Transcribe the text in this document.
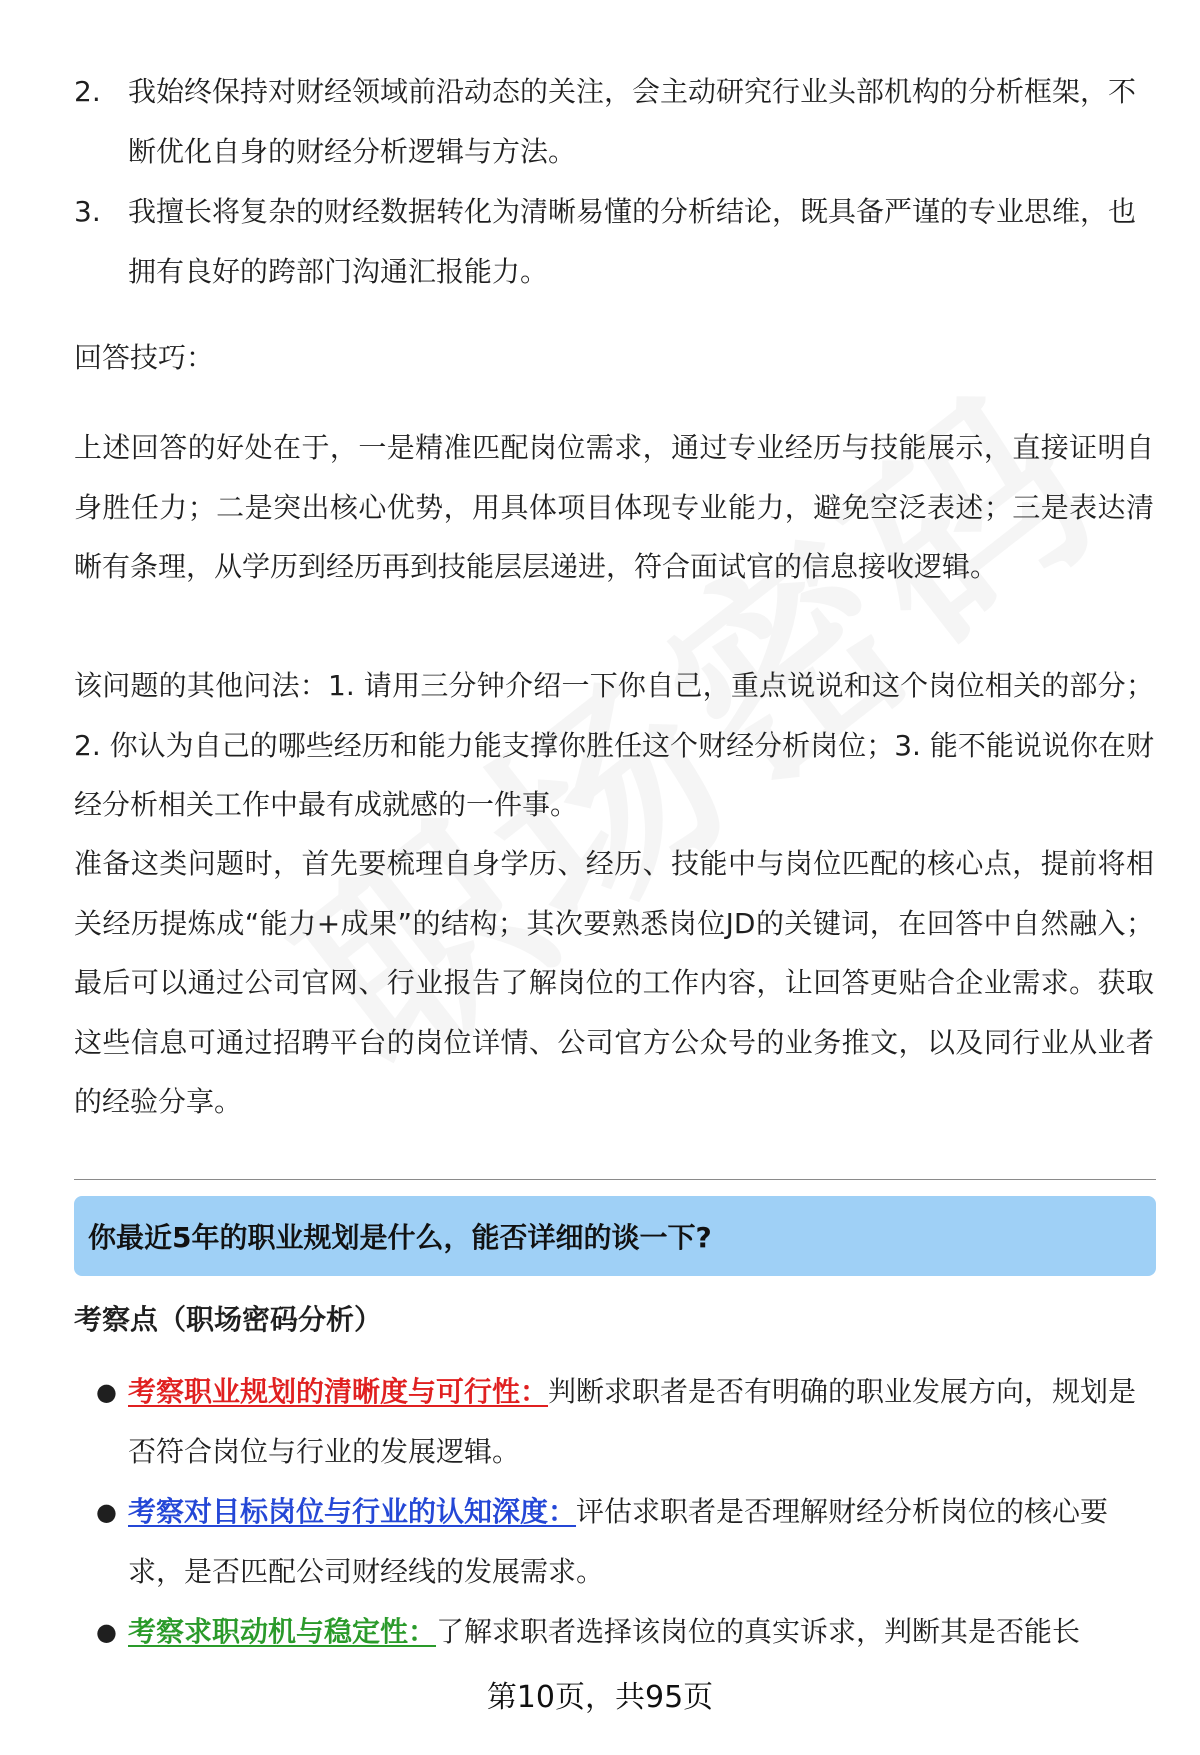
2. 我始终保持对财经领域前沿动态的关注，会主动研究行业头部机构的分析框架，不断优化自身的财经分析逻辑与方法。
3. 我擅长将复杂的财经数据转化为清晰易懂的分析结论，既具备严谨的专业思维，也拥有良好的跨部门沟通汇报能力。
回答技巧：

上述回答的好处在于，一是精准匹配岗位需求，通过专业经历与技能展示，直接证明自身胜任力；二是突出核心优势，用具体项目体现专业能力，避免空泛表述；三是表达清晰有条理，从学历到经历再到技能层层递进，符合面试官的信息接收逻辑。

该问题的其他问法：1. 请用三分钟介绍一下你自己，重点说说和这个岗位相关的部分；2. 你认为自己的哪些经历和能力能支撑你胜任这个财经分析岗位；3. 能不能说说你在财经分析相关工作中最有成就感的一件事。

准备这类问题时，首先要梳理自身学历、经历、技能中与岗位匹配的核心点，提前将相关经历提炼成“能力+成果”的结构；其次要熟悉岗位JD的关键词，在回答中自然融入；最后可以通过公司官网、行业报告了解岗位的工作内容，让回答更贴合企业需求。获取这些信息可通过招聘平台的岗位详情、公司官方公众号的业务推文，以及同行业从业者的经验分享。

你最近5年的职业规划是什么，能否详细的谈一下?
考察点（职场密码分析）
● 考察职业规划的清晰度与可行性：判断求职者是否有明确的职业发展方向，规划是否符合岗位与行业的发展逻辑。
● 考察对目标岗位与行业的认知深度：评估求职者是否理解财经分析岗位的核心要求，是否匹配公司财经线的发展需求。
● 考察求职动机与稳定性：了解求职者选择该岗位的真实诉求，判断其是否能长
第10页，共95页
